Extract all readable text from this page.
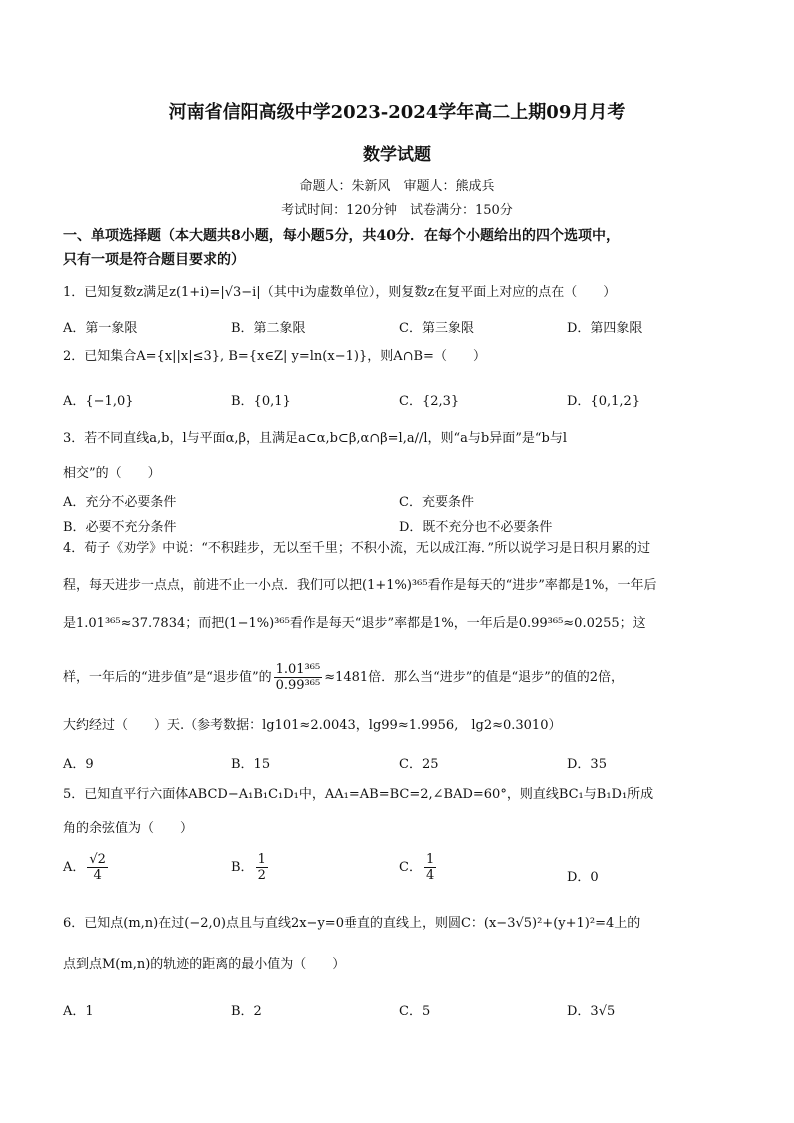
河南省信阳高级中学2023-2024学年高二上期09月月考
数学试题
命题人：朱新风　审题人：熊成兵
考试时间：120分钟　试卷满分：150分
一、单项选择题（本大题共8小题，每小题5分，共40分．在每个小题给出的四个选项中，
只有一项是符合题目要求的）
1．已知复数z满足z(1+i)=|√3−i|（其中i为虚数单位），则复数z在复平面上对应的点在（　　）
A．第一象限	B．第二象限	C．第三象限	D．第四象限
2．已知集合A={x||x|≤3}, B={x∈Z| y=ln(x−1)}，则A∩B=（　　）
A．{−1,0}	B．{0,1}	C．{2,3}	D．{0,1,2}
3．若不同直线a,b，l与平面α,β，且满足a⊂α,b⊂β,α∩β=l,a//l，则“a与b异面”是“b与l
相交”的（　　）
A．充分不必要条件	C．充要条件
B．必要不充分条件	D．既不充分也不必要条件
4．荀子《劝学》中说：“不积跬步，无以至千里；不积小流，无以成江海．”所以说学习是日积月累的过
程，每天进步一点点，前进不止一小点．我们可以把(1+1%)³⁶⁵看作是每天的“进步”率都是1%，一年后
是1.01³⁶⁵≈37.7834；而把(1−1%)³⁶⁵看作是每天“退步”率都是1%，一年后是0.99³⁶⁵≈0.0255；这
样，一年后的“进步值”是“退步值”的 $\frac{\text{1.01³⁶⁵}}{\text{0.99³⁶⁵}} \approx 1481$倍．那么当“进步”的值是“退步”的值的2倍，
大约经过（　　）天.（参考数据：lg101≈2.0043，lg99≈1.9956,　lg2≈0.3010）
A．9	B．15	C．25	D．35
5．已知直平行六面体ABCD−A₁B₁C₁D₁中，AA₁=AB=BC=2,∠BAD=60°，则直线BC₁与B₁D₁所成
角的余弦值为（　　）
A． $\frac{√2}{4}$	B． $\frac{1}{2}$	C． $\frac{1}{4}$	D．0
6．已知点(m,n)在过(−2,0)点且与直线2x−y=0垂直的直线上，则圆C：(x−3√5)²+(y+1)²=4上的
点到点M(m,n)的轨迹的距离的最小值为（　　）
A．1	B．2	C．5	D．3√5
